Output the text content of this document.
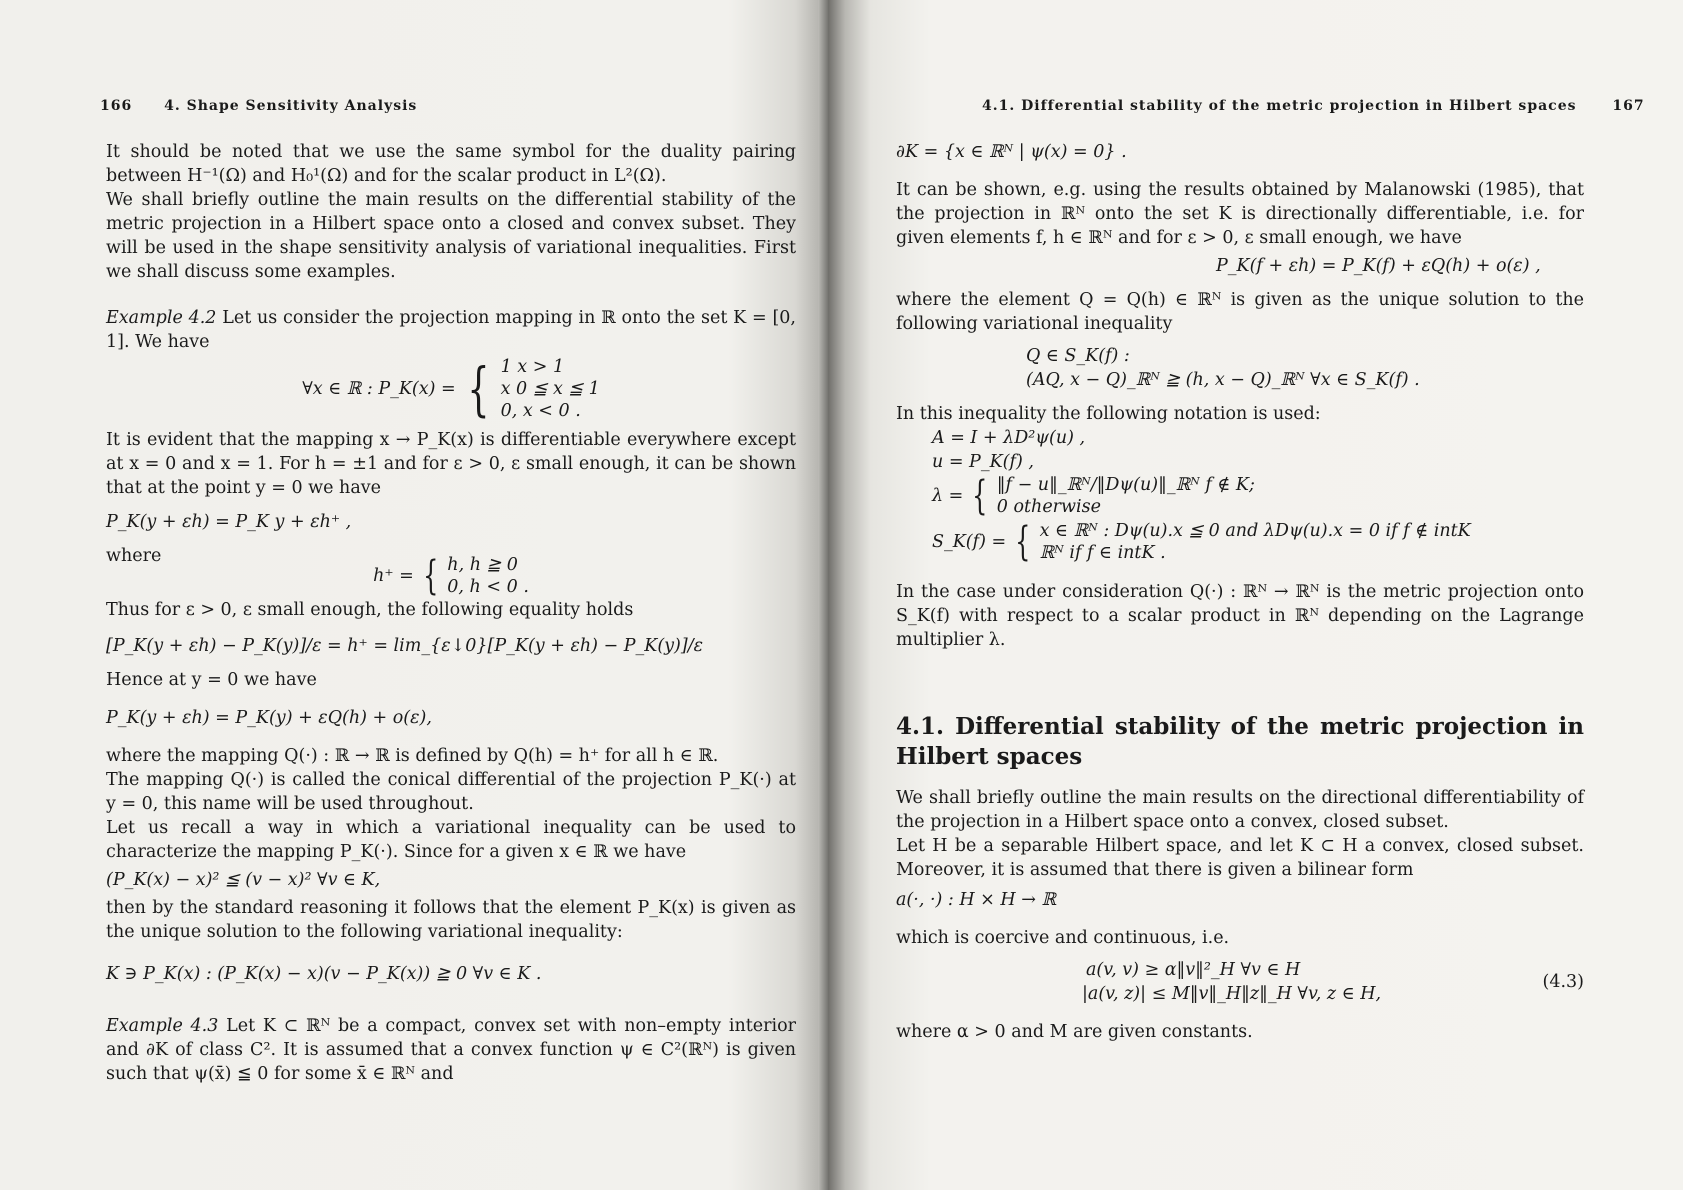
166 4. Shape Sensitivity Analysis

It should be noted that we use the same symbol for the duality pairing between H⁻¹(Ω) and H₀¹(Ω) and for the scalar product in L²(Ω).

We shall briefly outline the main results on the differential stability of the metric projection in a Hilbert space onto a closed and convex subset. They will be used in the shape sensitivity analysis of variational inequalities. First we shall discuss some examples.

Example 4.2 Let us consider the projection mapping in ℝ onto the set K = [0, 1]. We have

∀x ∈ ℝ : P_K(x) = { 1 x > 1
x 0 ≦ x ≦ 1
0, x < 0 .

It is evident that the mapping x → P_K(x) is differentiable everywhere except at x = 0 and x = 1. For h = ±1 and for ε > 0, ε small enough, it can be shown that at the point y = 0 we have

P_K(y + εh) = P_K y + εh⁺ ,

where

h⁺ = { h, h ≧ 0
0, h < 0 .

Thus for ε > 0, ε small enough, the following equality holds

[P_K(y + εh) − P_K(y)]/ε = h⁺ = lim_{ε↓0}[P_K(y + εh) − P_K(y)]/ε

Hence at y = 0 we have

P_K(y + εh) = P_K(y) + εQ(h) + o(ε),

where the mapping Q(·) : ℝ → ℝ is defined by Q(h) = h⁺ for all h ∈ ℝ.

The mapping Q(·) is called the conical differential of the projection P_K(·) at y = 0, this name will be used throughout.

Let us recall a way in which a variational inequality can be used to characterize the mapping P_K(·). Since for a given x ∈ ℝ we have

(P_K(x) − x)² ≦ (v − x)² ∀v ∈ K,

then by the standard reasoning it follows that the element P_K(x) is given as the unique solution to the following variational inequality:

K ∋ P_K(x) : (P_K(x) − x)(v − P_K(x)) ≧ 0 ∀v ∈ K .

Example 4.3 Let K ⊂ ℝᴺ be a compact, convex set with non–empty interior and ∂K of class C². It is assumed that a convex function ψ ∈ C²(ℝᴺ) is given such that ψ(x̄) ≦ 0 for some x̄ ∈ ℝᴺ and

4.1. Differential stability of the metric projection in Hilbert spaces	167

∂K = {x ∈ ℝᴺ | ψ(x) = 0} .

It can be shown, e.g. using the results obtained by Malanowski (1985), that the projection in ℝᴺ onto the set K is directionally differentiable, i.e. for given elements f, h ∈ ℝᴺ and for ε > 0, ε small enough, we have

P_K(f + εh) = P_K(f) + εQ(h) + o(ε) ,

where the element Q = Q(h) ∈ ℝᴺ is given as the unique solution to the following variational inequality

Q ∈ S_K(f) :

(AQ, x − Q)_ℝᴺ ≧ (h, x − Q)_ℝᴺ ∀x ∈ S_K(f) .

In this inequality the following notation is used:

A = I + λD²ψ(u) ,
u = P_K(f) ,
λ = { ‖f − u‖_ℝᴺ/‖Dψ(u)‖_ℝᴺ f ∉ K;
0 otherwise
S_K(f) = { x ∈ ℝᴺ : Dψ(u).x ≦ 0 and λDψ(u).x = 0 if f ∉ intK
ℝᴺ if f ∈ intK .

In the case under consideration Q(·) : ℝᴺ → ℝᴺ is the metric projection onto S_K(f) with respect to a scalar product in ℝᴺ depending on the Lagrange multiplier λ.

4.1. Differential stability of the metric projection in Hilbert spaces

We shall briefly outline the main results on the directional differentiability of the projection in a Hilbert space onto a convex, closed subset.

Let H be a separable Hilbert space, and let K ⊂ H a convex, closed subset. Moreover, it is assumed that there is given a bilinear form

a(·, ·) : H × H → ℝ

which is coercive and continuous, i.e.

a(v, v) ≥ α‖v‖²_H ∀v ∈ H
|a(v, z)| ≤ M‖v‖_H‖z‖_H ∀v, z ∈ H,
(4.3)

where α > 0 and M are given constants.
